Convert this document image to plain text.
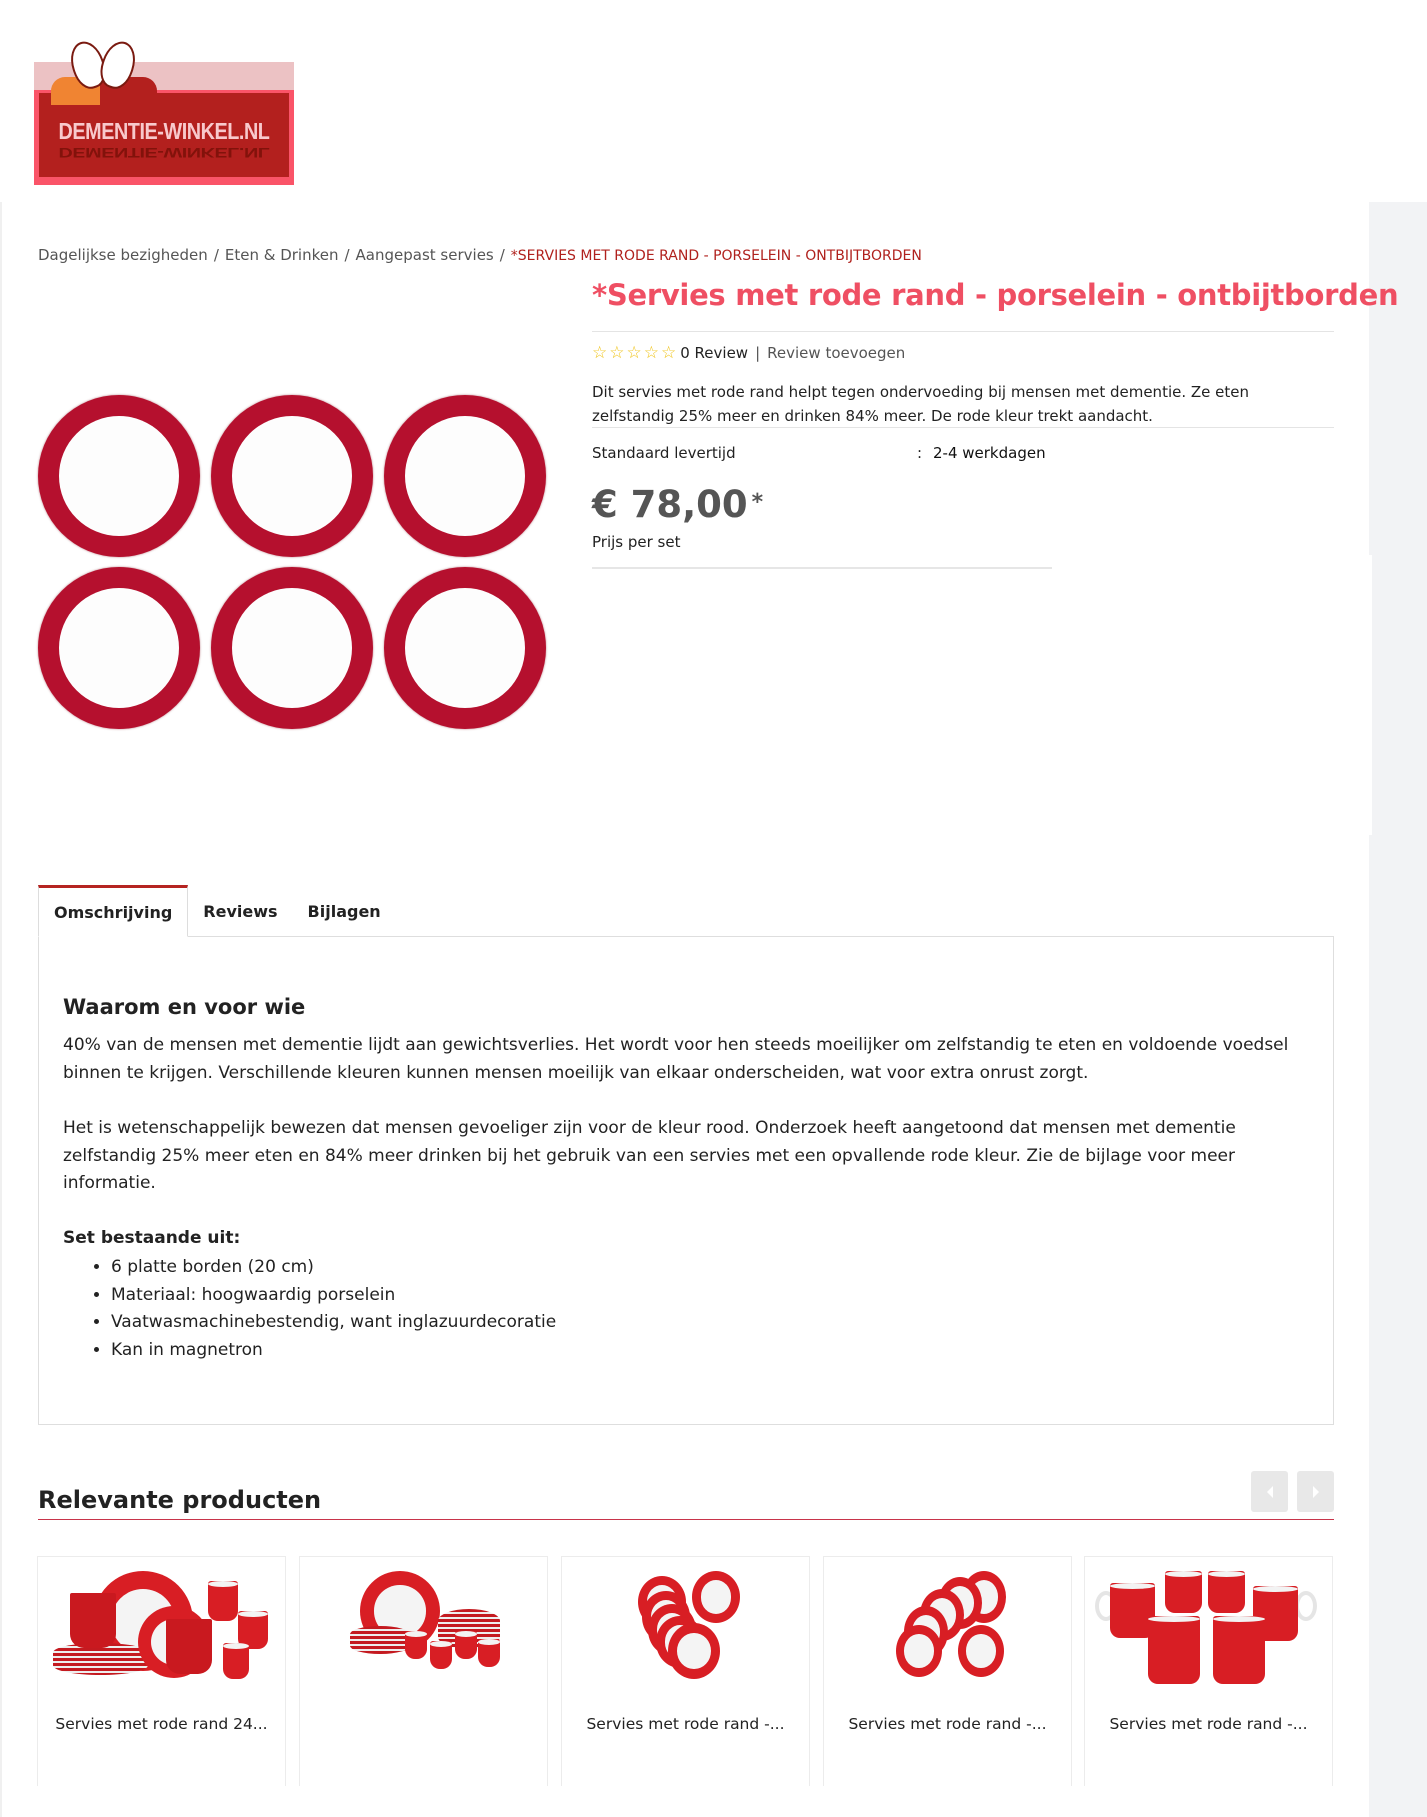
DEMENTIE-WINKEL.NL
DEMENTIE-WINKEL.NL
Dagelijkse bezigheden / Eten & Drinken / Aangepast servies / *SERVIES MET RODE RAND - PORSELEIN - ONTBIJTBORDEN
*Servies met rode rand - porselein - ontbijtborden
☆ ☆ ☆ ☆ ☆ 0 Review | Review toevoegen

Dit servies met rode rand helpt tegen ondervoeding bij mensen met dementie. Ze eten zelfstandig 25% meer en drinken 84% meer. De rode kleur trekt aandacht.

Standaard levertijd	: 2-4 werkdagen
€ 78,00 *
Prijs per set
Omschrijving	Reviews	Bijlagen
Waarom en voor wie

40% van de mensen met dementie lijdt aan gewichtsverlies. Het wordt voor hen steeds moeilijker om zelfstandig te eten en voldoende voedsel binnen te krijgen. Verschillende kleuren kunnen mensen moeilijk van elkaar onderscheiden, wat voor extra onrust zorgt.

Het is wetenschappelijk bewezen dat mensen gevoeliger zijn voor de kleur rood. Onderzoek heeft aangetoond dat mensen met dementie zelfstandig 25% meer eten en 84% meer drinken bij het gebruik van een servies met een opvallende rode kleur. Zie de bijlage voor meer informatie.

Set bestaande uit:
• 6 platte borden (20 cm)
• Materiaal: hoogwaardig porselein
• Vaatwasmachinebestendig, want inglazuurdecoratie
• Kan in magnetron
Relevante producten
Servies met rode rand 24...	Servies met rode rand -...	Servies met rode rand -...	Servies met rode rand -...
